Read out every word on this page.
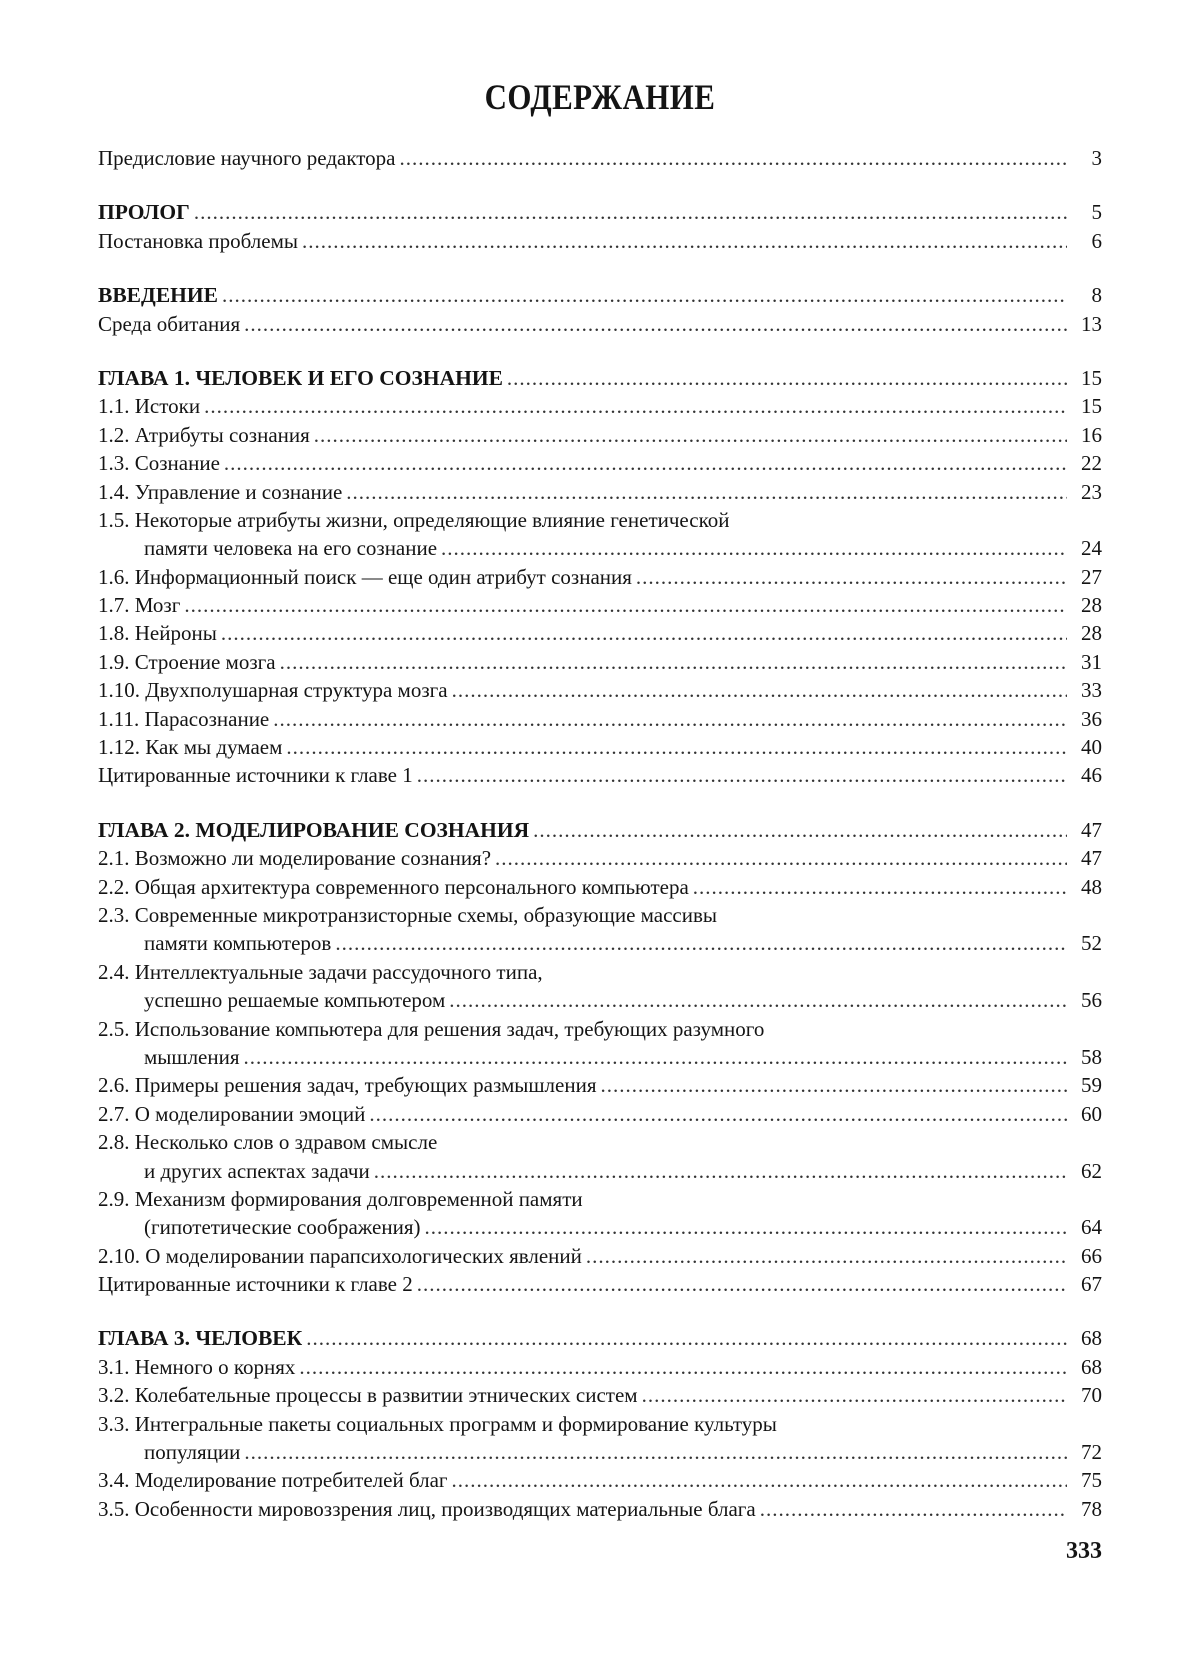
СОДЕРЖАНИЕ
Предисловие научного редактора
.....	3
ПРОЛОГ
.....	5
Постановка проблемы
.....	6
ВВЕДЕНИЕ
.....	8
Среда обитания
.....	13
ГЛАВА 1. ЧЕЛОВЕК И ЕГО СОЗНАНИЕ
.....	15
1.1. Истоки
.....	15
1.2. Атрибуты сознания
.....	16
1.3. Сознание
.....	22
1.4. Управление и сознание
.....	23
1.5. Некоторые атрибуты жизни, определяющие влияние генетической
памяти человека на его сознание
.....	24
1.6. Информационный поиск — еще один атрибут сознания
.....	27
1.7. Мозг
.....	28
1.8. Нейроны
.....	28
1.9. Строение мозга
.....	31
1.10. Двухполушарная структура мозга
.....	33
1.11. Парасознание
.....	36
1.12. Как мы думаем
.....	40
Цитированные источники к главе 1
.....	46
ГЛАВА 2. МОДЕЛИРОВАНИЕ СОЗНАНИЯ
.....	47
2.1. Возможно ли моделирование сознания?
.....	47
2.2. Общая архитектура современного персонального компьютера
.....	48
2.3. Современные микротранзисторные схемы, образующие массивы
памяти компьютеров
.....	52
2.4. Интеллектуальные задачи рассудочного типа,
успешно решаемые компьютером
.....	56
2.5. Использование компьютера для решения задач, требующих разумного
мышления
.....	58
2.6. Примеры решения задач, требующих размышления
.....	59
2.7. О моделировании эмоций
.....	60
2.8. Несколько слов о здравом смысле
и других аспектах задачи
.....	62
2.9. Механизм формирования долговременной памяти
(гипотетические соображения)
.....	64
2.10. О моделировании парапсихологических явлений
.....	66
Цитированные источники к главе 2
.....	67
ГЛАВА 3. ЧЕЛОВЕК
.....	68
3.1. Немного о корнях
.....	68
3.2. Колебательные процессы в развитии этнических систем
.....	70
3.3. Интегральные пакеты социальных программ и формирование культуры
популяции
.....	72
3.4. Моделирование потребителей благ
.....	75
3.5. Особенности мировоззрения лиц, производящих материальные блага
.....	78
333
